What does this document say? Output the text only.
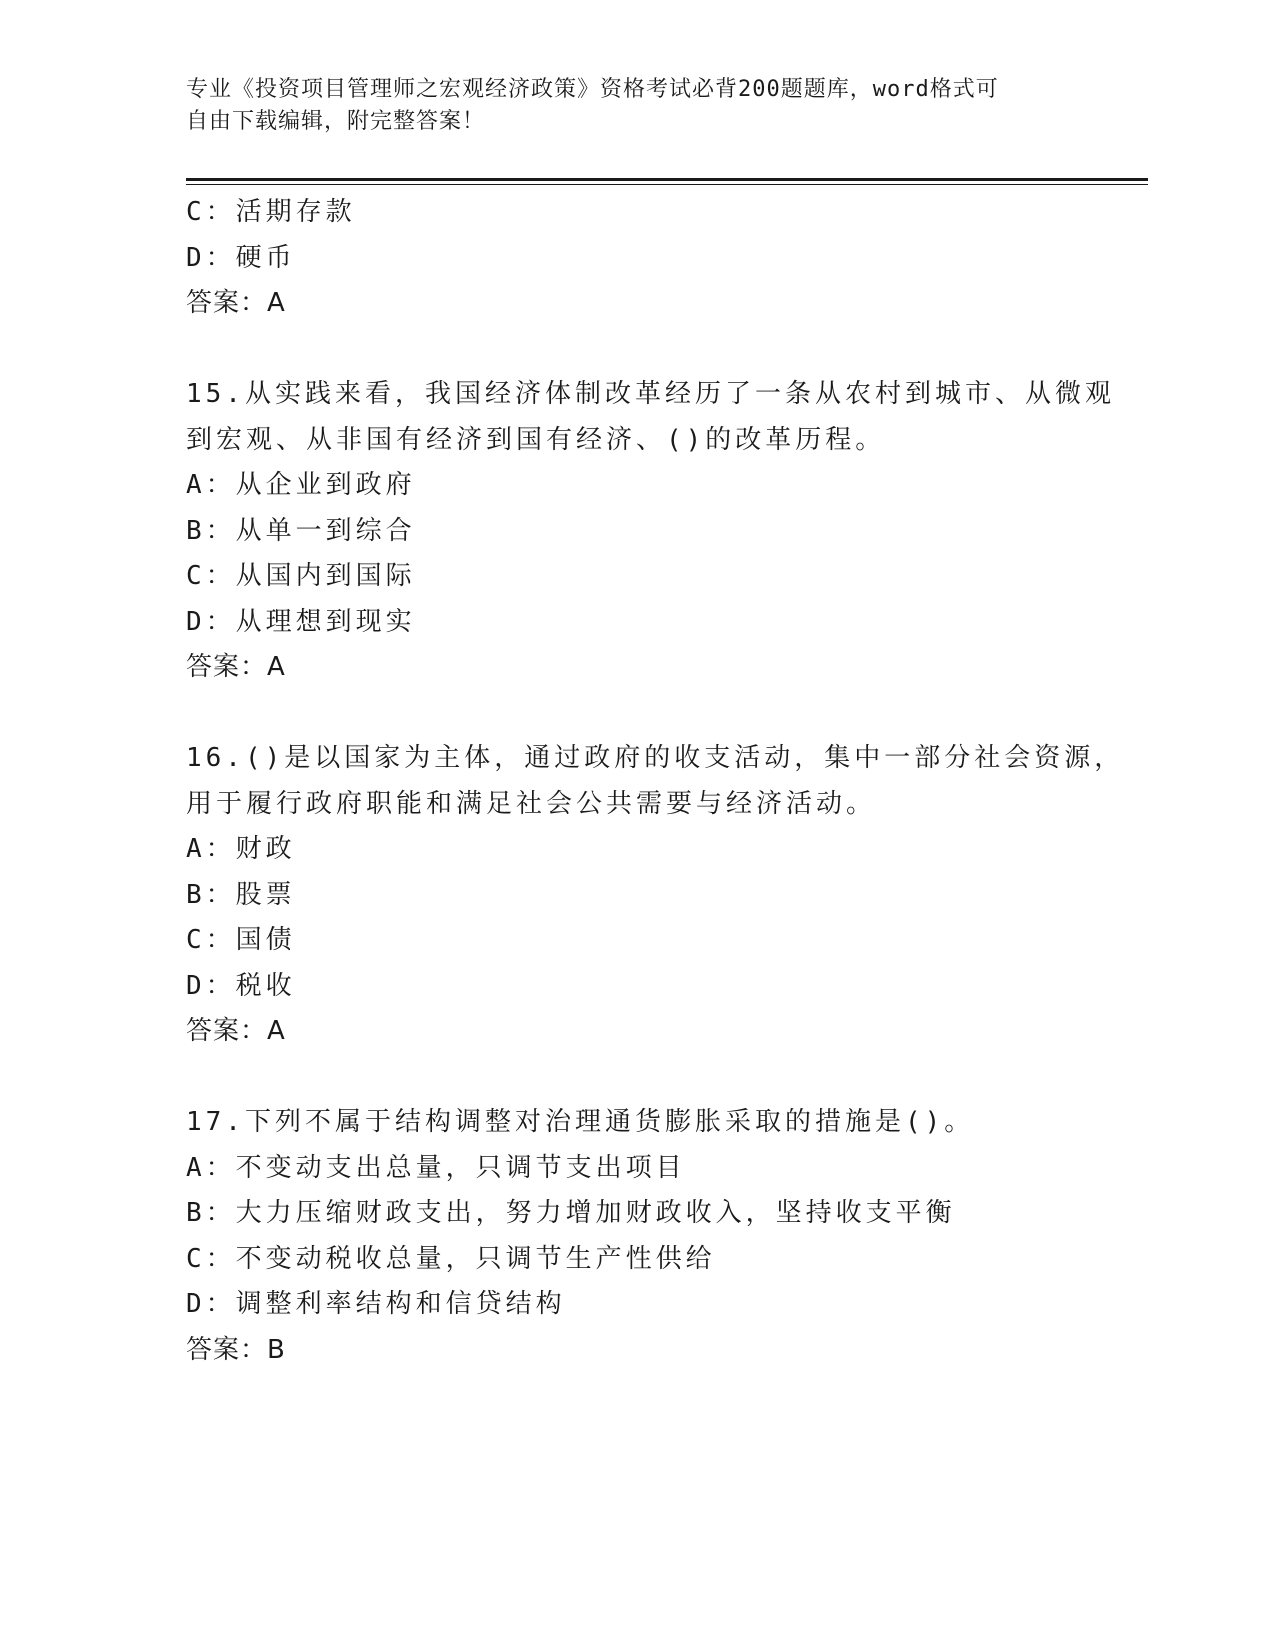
专业《投资项目管理师之宏观经济政策》资格考试必背200题题库，word格式可
自由下载编辑，附完整答案！
C：活期存款
D：硬币
答案：A
15.从实践来看，我国经济体制改革经历了一条从农村到城市、从微观
到宏观、从非国有经济到国有经济、()的改革历程。
A：从企业到政府
B：从单一到综合
C：从国内到国际
D：从理想到现实
答案：A
16.()是以国家为主体，通过政府的收支活动，集中一部分社会资源，
用于履行政府职能和满足社会公共需要与经济活动。
A：财政
B：股票
C：国债
D：税收
答案：A
17.下列不属于结构调整对治理通货膨胀采取的措施是()。
A：不变动支出总量，只调节支出项目
B：大力压缩财政支出，努力增加财政收入，坚持收支平衡
C：不变动税收总量，只调节生产性供给
D：调整利率结构和信贷结构
答案：B
